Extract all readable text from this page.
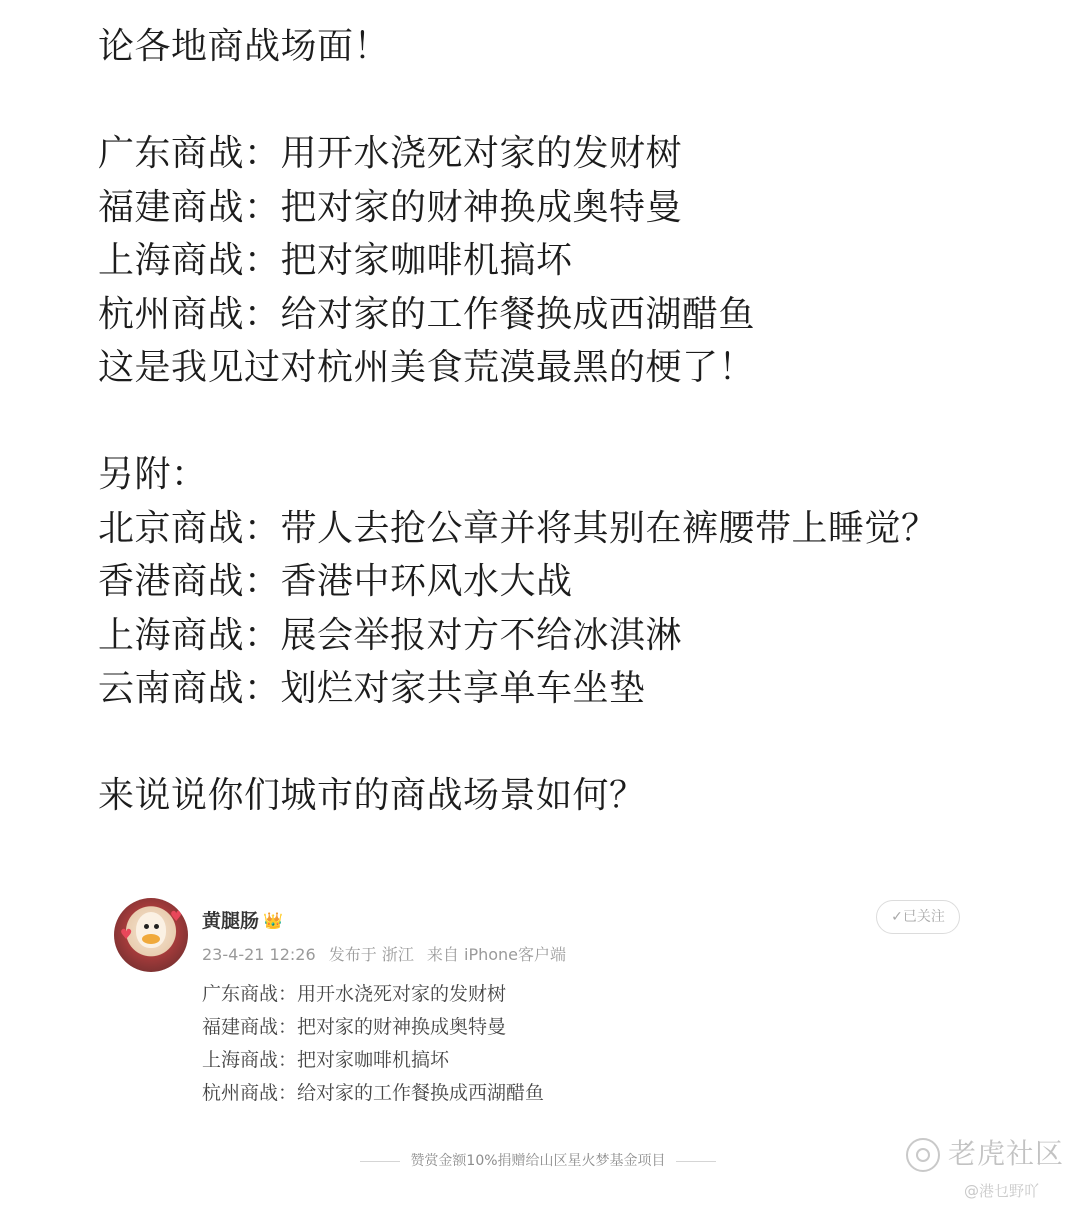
论各地商战场面！
广东商战：用开水浇死对家的发财树
福建商战：把对家的财神换成奥特曼
上海商战：把对家咖啡机搞坏
杭州商战：给对家的工作餐换成西湖醋鱼
这是我见过对杭州美食荒漠最黑的梗了！
另附：
北京商战：带人去抢公章并将其别在裤腰带上睡觉？
香港商战：香港中环风水大战
上海商战：展会举报对方不给冰淇淋
云南商战：划烂对家共享单车坐垫
来说说你们城市的商战场景如何？
♥
♥ 黄腿肠 👑
23-4-21 12:26 发布于 浙江 来自 iPhone客户端
✓已关注
广东商战：用开水浇死对家的发财树
福建商战：把对家的财神换成奥特曼
上海商战：把对家咖啡机搞坏
杭州商战：给对家的工作餐换成西湖醋鱼
赞赏金额10%捐赠给山区星火梦基金项目	老虎社区
@港乜野吖
